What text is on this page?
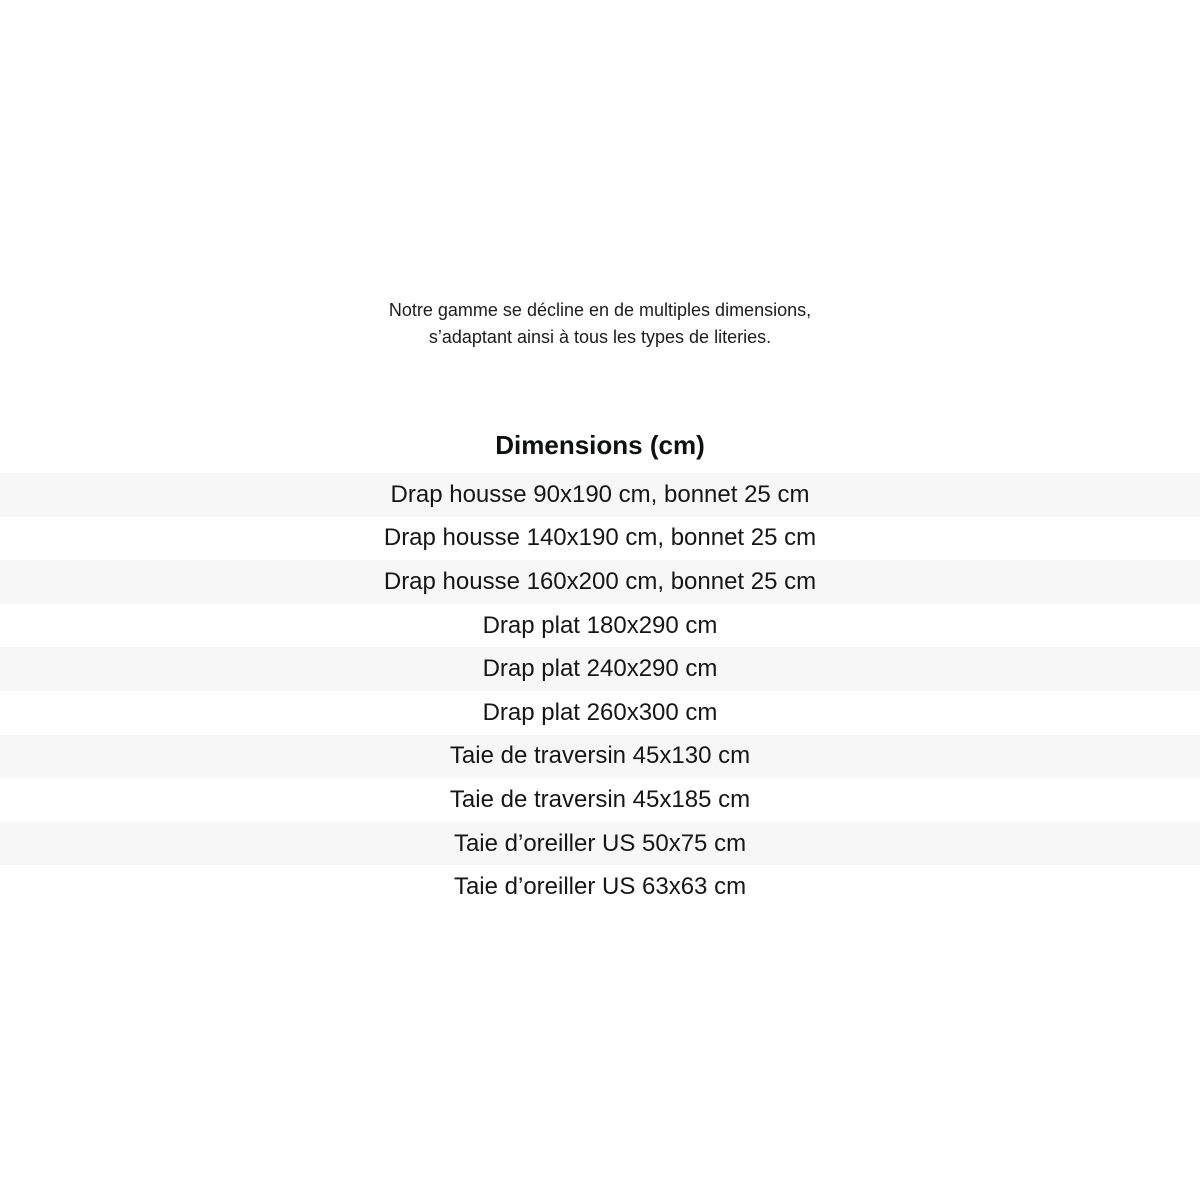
Notre gamme se décline en de multiples dimensions,
s’adaptant ainsi à tous les types de literies.
Dimensions (cm)
Drap housse 90x190 cm, bonnet 25 cm
Drap housse 140x190 cm, bonnet 25 cm
Drap housse 160x200 cm, bonnet 25 cm
Drap plat 180x290 cm
Drap plat 240x290 cm
Drap plat 260x300 cm
Taie de traversin 45x130 cm
Taie de traversin 45x185 cm
Taie d’oreiller US 50x75 cm
Taie d’oreiller US 63x63 cm
